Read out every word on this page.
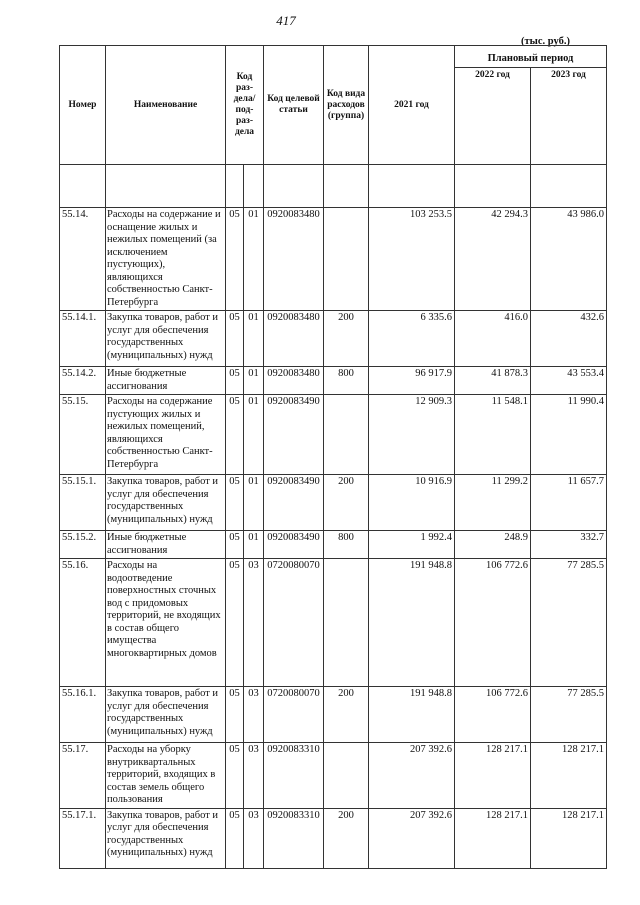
417
(тыс. руб.)
Номер	Наименование	Код раз-дела/ под-раз-дела		Код целевой статьи	Код вида расходов (группа)	2021 год	Плановый период	
							2022 год	2023 год

55.14.	Расходы на содержание и оснащение жилых и нежилых помещений (за исключением пустующих), являющихся собственностью Санкт-Петербурга	05	01	0920083480		103 253.5	42 294.3	43 986.0
55.14.1.	Закупка товаров, работ и услуг для обеспечения государственных (муниципальных) нужд	05	01	0920083480	200	6 335.6	416.0	432.6
55.14.2.	Иные бюджетные ассигнования	05	01	0920083480	800	96 917.9	41 878.3	43 553.4
55.15.	Расходы на содержание пустующих жилых и нежилых помещений, являющихся собственностью Санкт-Петербурга	05	01	0920083490		12 909.3	11 548.1	11 990.4
55.15.1.	Закупка товаров, работ и услуг для обеспечения государственных (муниципальных) нужд	05	01	0920083490	200	10 916.9	11 299.2	11 657.7
55.15.2.	Иные бюджетные ассигнования	05	01	0920083490	800	1 992.4	248.9	332.7
55.16.	Расходы на водоотведение поверхностных сточных вод с придомовых территорий, не входящих в состав общего имущества многоквартирных домов	05	03	0720080070		191 948.8	106 772.6	77 285.5
55.16.1.	Закупка товаров, работ и услуг для обеспечения государственных (муниципальных) нужд	05	03	0720080070	200	191 948.8	106 772.6	77 285.5
55.17.	Расходы на уборку внутриквартальных территорий, входящих в состав земель общего пользования	05	03	0920083310		207 392.6	128 217.1	128 217.1
55.17.1.	Закупка товаров, работ и услуг для обеспечения государственных (муниципальных) нужд	05	03	0920083310	200	207 392.6	128 217.1	128 217.1
